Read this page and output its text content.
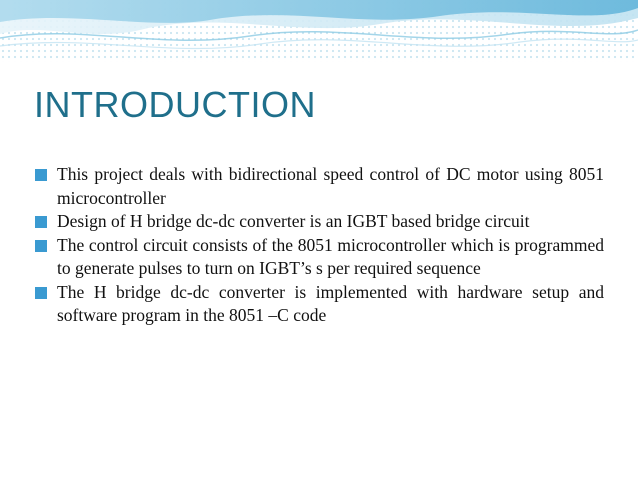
INTRODUCTION
This project deals with bidirectional speed control of DC motor using 8051 microcontroller
Design of H bridge dc-dc converter is an IGBT based bridge circuit
The control circuit consists of the 8051 microcontroller which is programmed to generate pulses to turn on IGBT’s s per required sequence
The H bridge dc-dc converter is implemented with hardware setup and software program in the 8051 –C code
